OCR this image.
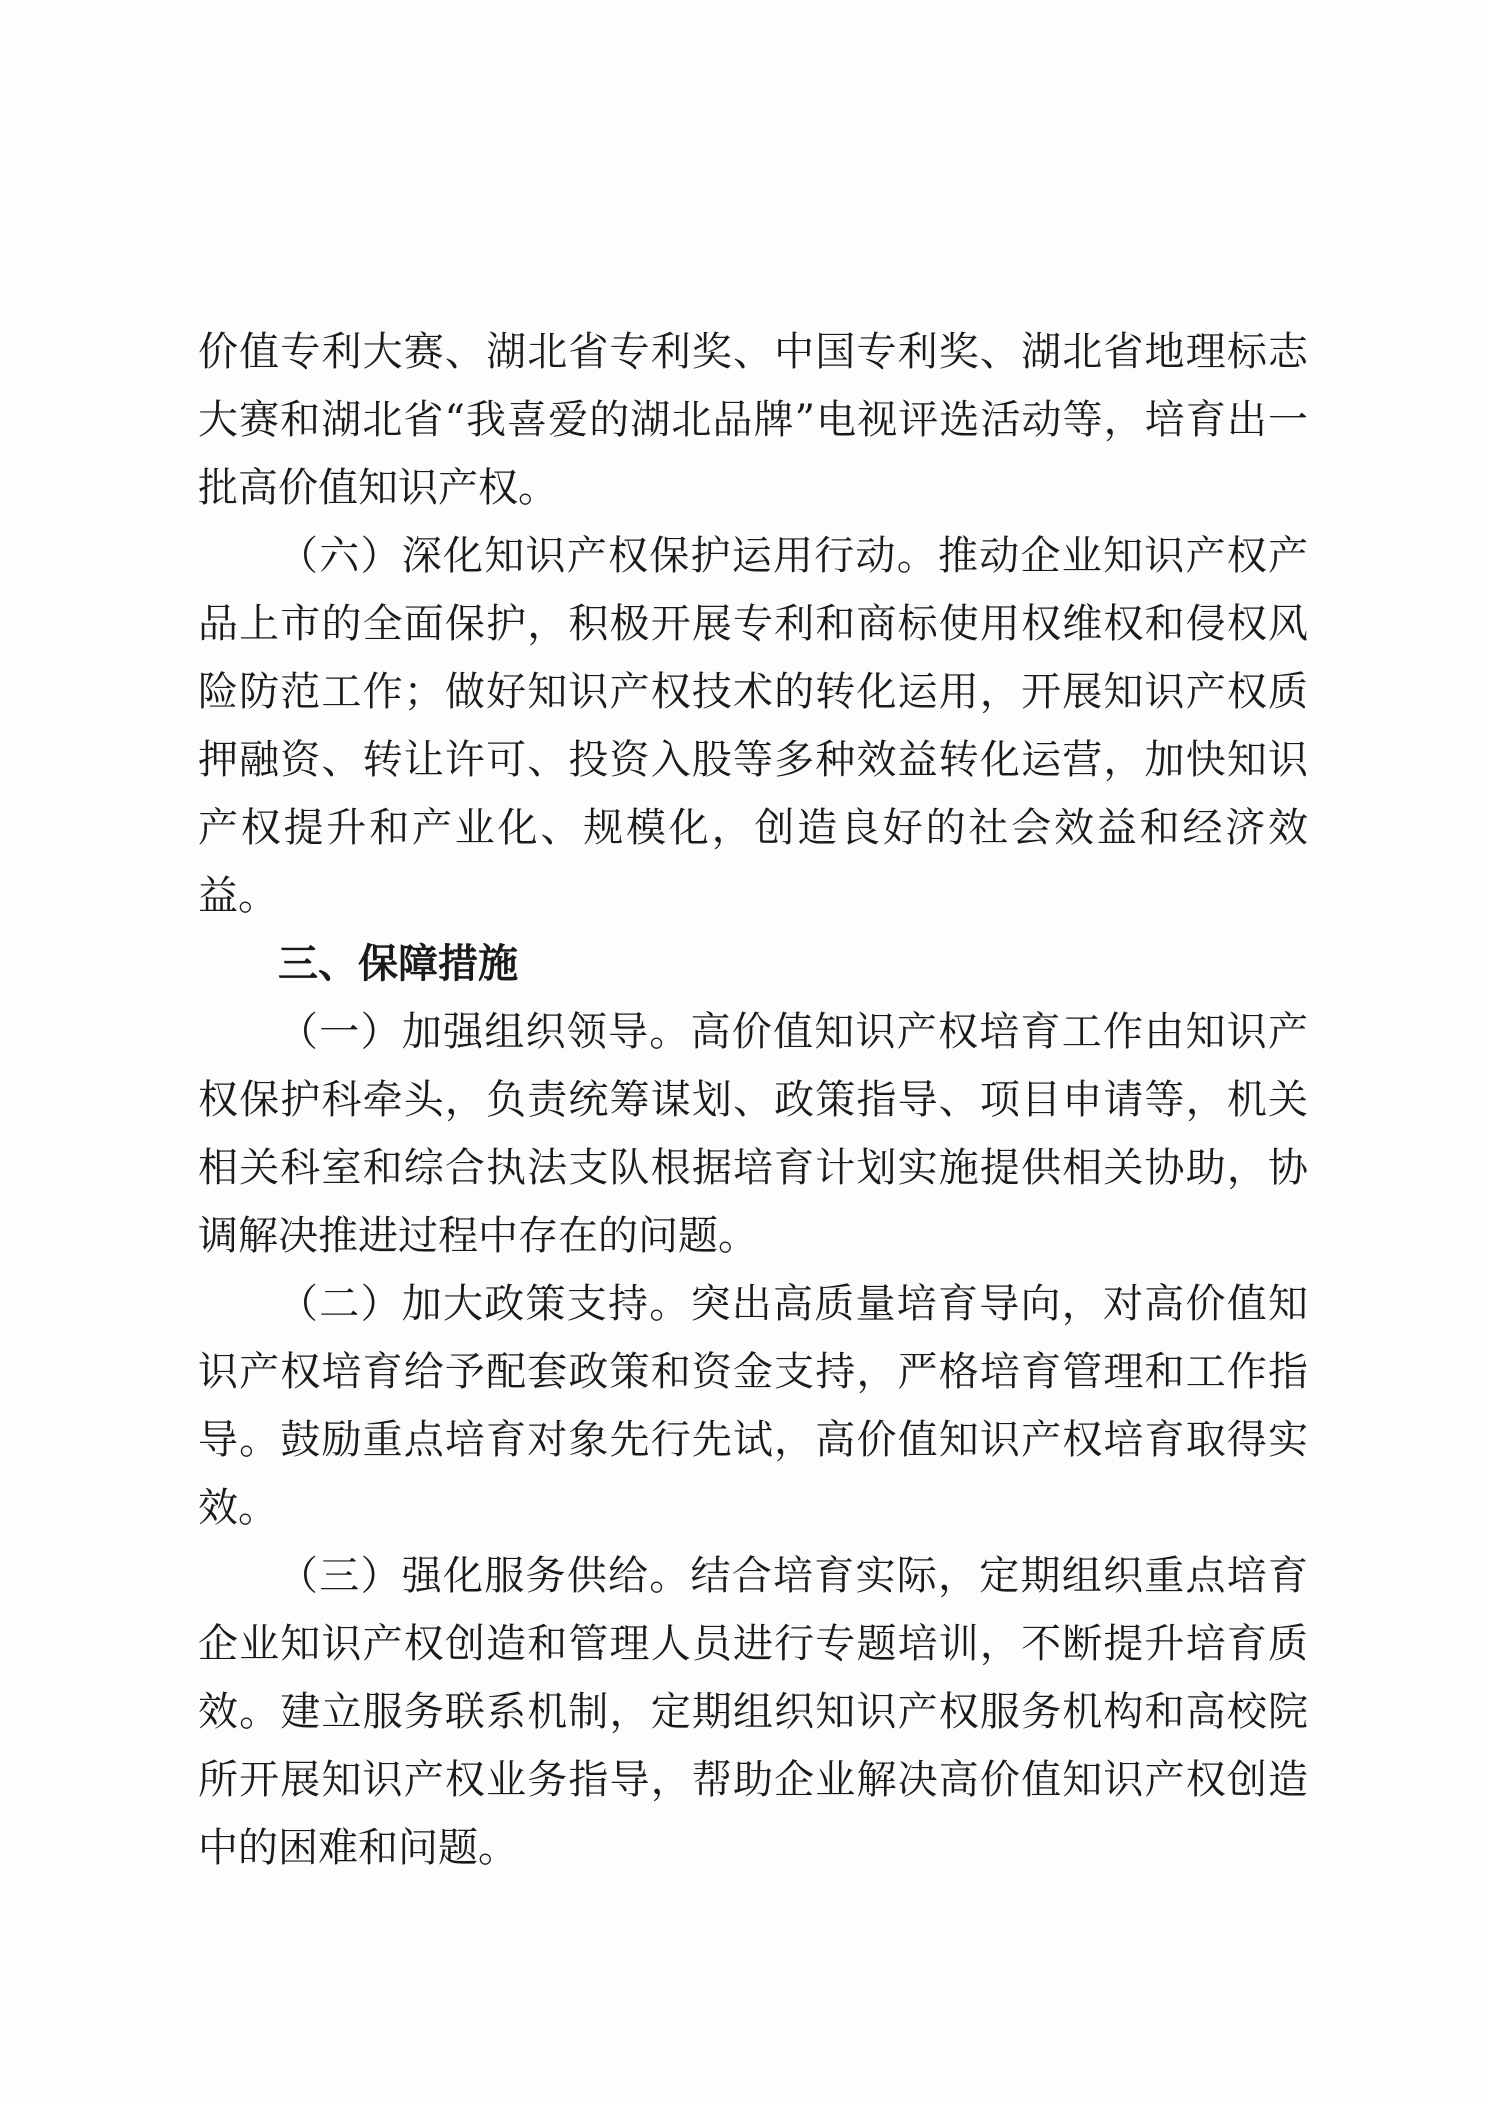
价值专利大赛、湖北省专利奖、中国专利奖、湖北省地理标志大赛和湖北省“我喜爱的湖北品牌”电视评选活动等，培育出一批高价值知识产权。

（六）深化知识产权保护运用行动。推动企业知识产权产品上市的全面保护，积极开展专利和商标使用权维权和侵权风险防范工作；做好知识产权技术的转化运用，开展知识产权质押融资、转让许可、投资入股等多种效益转化运营，加快知识产权提升和产业化、规模化，创造良好的社会效益和经济效益。

三、保障措施

（一）加强组织领导。高价值知识产权培育工作由知识产权保护科牵头，负责统筹谋划、政策指导、项目申请等，机关相关科室和综合执法支队根据培育计划实施提供相关协助，协调解决推进过程中存在的问题。

（二）加大政策支持。突出高质量培育导向，对高价值知识产权培育给予配套政策和资金支持，严格培育管理和工作指导。鼓励重点培育对象先行先试，高价值知识产权培育取得实效。

（三）强化服务供给。结合培育实际，定期组织重点培育企业知识产权创造和管理人员进行专题培训，不断提升培育质效。建立服务联系机制，定期组织知识产权服务机构和高校院所开展知识产权业务指导，帮助企业解决高价值知识产权创造中的困难和问题。
